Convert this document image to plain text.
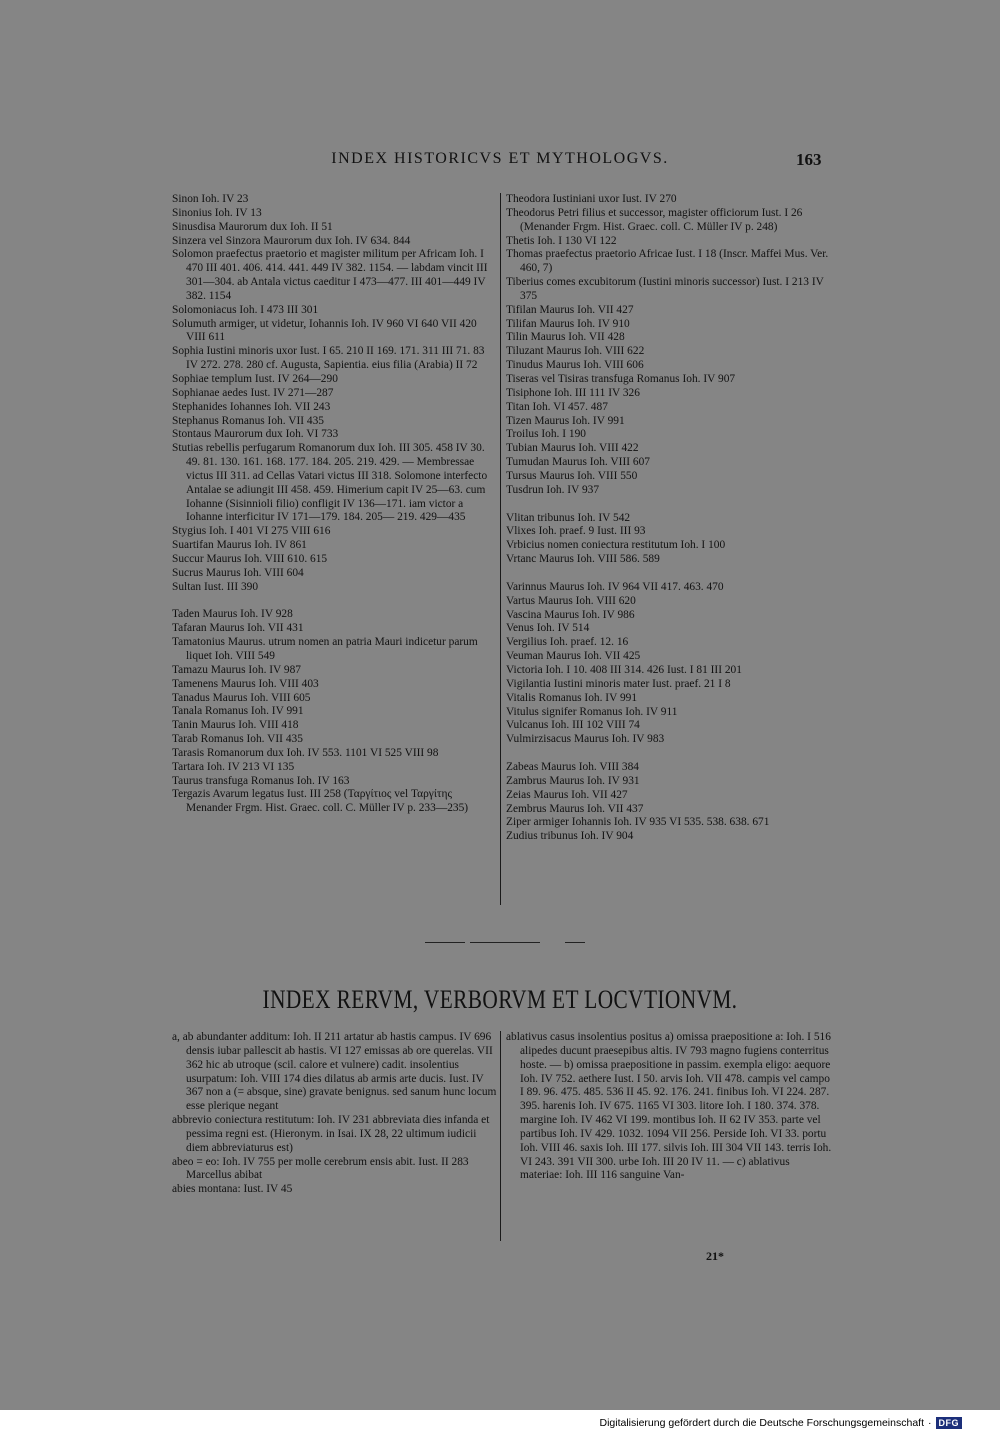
INDEX HISTORICVS ET MYTHOLOGVS.	163

Sinon Ioh. IV 23

Sinonius Ioh. IV 13

Sinusdisa Maurorum dux Ioh. II 51

Sinzera vel Sinzora Maurorum dux Ioh. IV 634. 844

Solomon praefectus praetorio et magister militum per Africam Ioh. I 470 III 401. 406. 414. 441. 449 IV 382. 1154. — labdam vincit III 301—304. ab Antala victus caeditur I 473—477. III 401—449 IV 382. 1154

Solomoniacus Ioh. I 473 III 301

Solumuth armiger, ut videtur, Iohannis Ioh. IV 960 VI 640 VII 420 VIII 611

Sophia Iustini minoris uxor Iust. I 65. 210 II 169. 171. 311 III 71. 83 IV 272. 278. 280 cf. Augusta, Sapientia. eius filia (Arabia) II 72

Sophiae templum Iust. IV 264—290

Sophianae aedes Iust. IV 271—287

Stephanides Iohannes Ioh. VII 243

Stephanus Romanus Ioh. VII 435

Stontaus Maurorum dux Ioh. VI 733

Stutias rebellis perfugarum Romanorum dux Ioh. III 305. 458 IV 30. 49. 81. 130. 161. 168. 177. 184. 205. 219. 429. — Membressae victus III 311. ad Cellas Vatari victus III 318. Solomone interfecto Antalae se adiungit III 458. 459. Himerium capit IV 25—63. cum Iohanne (Sisinnioli filio) confligit IV 136—171. iam victor a Iohanne interficitur IV 171—179. 184. 205— 219. 429—435

Stygius Ioh. I 401 VI 275 VIII 616

Suartifan Maurus Ioh. IV 861

Succur Maurus Ioh. VIII 610. 615

Sucrus Maurus Ioh. VIII 604

Sultan Iust. III 390

Taden Maurus Ioh. IV 928

Tafaran Maurus Ioh. VII 431

Tamatonius Maurus. utrum nomen an patria Mauri indicetur parum liquet Ioh. VIII 549

Tamazu Maurus Ioh. IV 987

Tamenens Maurus Ioh. VIII 403

Tanadus Maurus Ioh. VIII 605

Tanala Romanus Ioh. IV 991

Tanin Maurus Ioh. VIII 418

Tarab Romanus Ioh. VII 435

Tarasis Romanorum dux Ioh. IV 553. 1101 VI 525 VIII 98

Tartara Ioh. IV 213 VI 135

Taurus transfuga Romanus Ioh. IV 163

Tergazis Avarum legatus Iust. III 258 (Ταργίτιος vel Ταργίτης Menander Frgm. Hist. Graec. coll. C. Müller IV p. 233—235)

Theodora Iustiniani uxor Iust. IV 270

Theodorus Petri filius et successor, magister officiorum Iust. I 26 (Menander Frgm. Hist. Graec. coll. C. Müller IV p. 248)

Thetis Ioh. I 130 VI 122

Thomas praefectus praetorio Africae Iust. I 18 (Inscr. Maffei Mus. Ver. 460, 7)

Tiberius comes excubitorum (Iustini minoris successor) Iust. I 213 IV 375

Tifilan Maurus Ioh. VII 427

Tilifan Maurus Ioh. IV 910

Tilin Maurus Ioh. VII 428

Tiluzant Maurus Ioh. VIII 622

Tinudus Maurus Ioh. VIII 606

Tiseras vel Tisiras transfuga Romanus Ioh. IV 907

Tisiphone Ioh. III 111 IV 326

Titan Ioh. VI 457. 487

Tizen Maurus Ioh. IV 991

Troilus Ioh. I 190

Tubian Maurus Ioh. VIII 422

Tumudan Maurus Ioh. VIII 607

Tursus Maurus Ioh. VIII 550

Tusdrun Ioh. IV 937

Vlitan tribunus Ioh. IV 542

Vlixes Ioh. praef. 9 Iust. III 93

Vrbicius nomen coniectura restitutum Ioh. I 100

Vrtanc Maurus Ioh. VIII 586. 589

Varinnus Maurus Ioh. IV 964 VII 417. 463. 470

Vartus Maurus Ioh. VIII 620

Vascina Maurus Ioh. IV 986

Venus Ioh. IV 514

Vergilius Ioh. praef. 12. 16

Veuman Maurus Ioh. VII 425

Victoria Ioh. I 10. 408 III 314. 426 Iust. I 81 III 201

Vigilantia Iustini minoris mater Iust. praef. 21 I 8

Vitalis Romanus Ioh. IV 991

Vitulus signifer Romanus Ioh. IV 911

Vulcanus Ioh. III 102 VIII 74

Vulmirzisacus Maurus Ioh. IV 983

Zabeas Maurus Ioh. VIII 384

Zambrus Maurus Ioh. IV 931

Zeias Maurus Ioh. VII 427

Zembrus Maurus Ioh. VII 437

Ziper armiger Iohannis Ioh. IV 935 VI 535. 538. 638. 671

Zudius tribunus Ioh. IV 904

INDEX RERVM, VERBORVM ET LOCVTIONVM.

a, ab abundanter additum: Ioh. II 211 artatur ab hastis campus. IV 696 densis iubar pallescit ab hastis. VI 127 emissas ab ore querelas. VII 362 hic ab utroque (scil. calore et vulnere) cadit. insolentius usurpatum: Ioh. VIII 174 dies dilatus ab armis arte ducis. Iust. IV 367 non a (= absque, sine) gravate benignus. sed sanum hunc locum esse plerique negant

abbrevio coniectura restitutum: Ioh. IV 231 abbreviata dies infanda et pessima regni est. (Hieronym. in Isai. IX 28, 22 ultimum iudicii diem abbreviaturus est)

abeo = eo: Ioh. IV 755 per molle cerebrum ensis abit. Iust. II 283 Marcellus abibat

abies montana: Iust. IV 45

ablativus casus insolentius positus a) omissa praepositione a: Ioh. I 516 alipedes ducunt praesepibus altis. IV 793 magno fugiens conterritus hoste. — b) omissa praepositione in passim. exempla eligo: aequore Ioh. IV 752. aethere Iust. I 50. arvis Ioh. VII 478. campis vel campo I 89. 96. 475. 485. 536 II 45. 92. 176. 241. finibus Ioh. VI 224. 287. 395. harenis Ioh. IV 675. 1165 VI 303. litore Ioh. I 180. 374. 378. margine Ioh. IV 462 VI 199. montibus Ioh. II 62 IV 353. parte vel partibus Ioh. IV 429. 1032. 1094 VII 256. Perside Ioh. VI 33. portu Ioh. VIII 46. saxis Ioh. III 177. silvis Ioh. III 304 VII 143. terris Ioh. VI 243. 391 VII 300. urbe Ioh. III 20 IV 11. — c) ablativus materiae: Ioh. III 116 sanguine Van-

21*
Digitalisierung gefördert durch die Deutsche Forschungsgemeinschaft · DFG
